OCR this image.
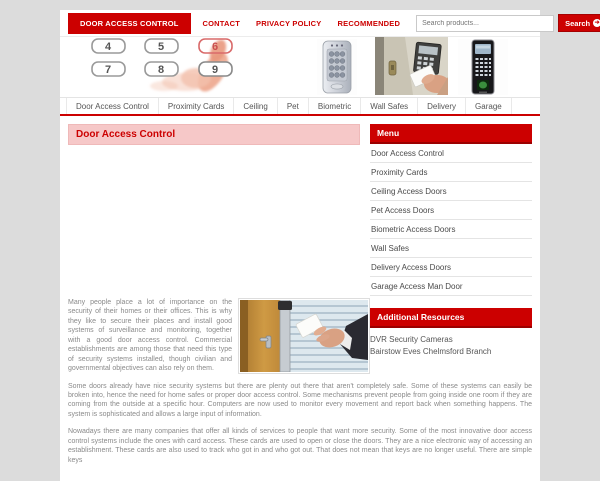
DOOR ACCESS CONTROL	CONTACT PRIVACY POLICY RECOMMENDED
Search products...	Search ➔
4	5	6
7	8	9
Door Access Control	Proximity Cards	Ceiling	Pet	Biometric	Wall Safes	Delivery	Garage
Menu
Door Access Control
Proximity Cards
Ceiling Access Doors
Pet Access Doors
Biometric Access Doors
Wall Safes
Delivery Access Doors
Garage Access Man Door
Additional Resources
DVR Security Cameras
Bairstow Eves Chelmsford Branch
Door Access Control

Many people place a lot of importance on the security of their homes or their offices. This is why they like to secure their places and install good systems of surveillance and monitoring, together with a good door access control. Commercial establishments are among those that need this type of security systems installed, though civilian and governmental objectives can also rely on them.

Some doors already have nice security systems but there are plenty out there that aren't completely safe. Some of these systems can easily be broken into, hence the need for home safes or proper door access control. Some mechanisms prevent people from going inside one room if they are coming from the outside at a specific hour. Computers are now used to monitor every movement and report back when something happens. The system is sophisticated and allows a large input of information.

Nowadays there are many companies that offer all kinds of services to people that want more security. Some of the most innovative door access control systems include the ones with card access. These cards are used to open or close the doors. They are a nice electronic way of accessing an establishment. These cards are also used to track who got in and who got out. That does not mean that keys are no longer useful. There are simple keys
